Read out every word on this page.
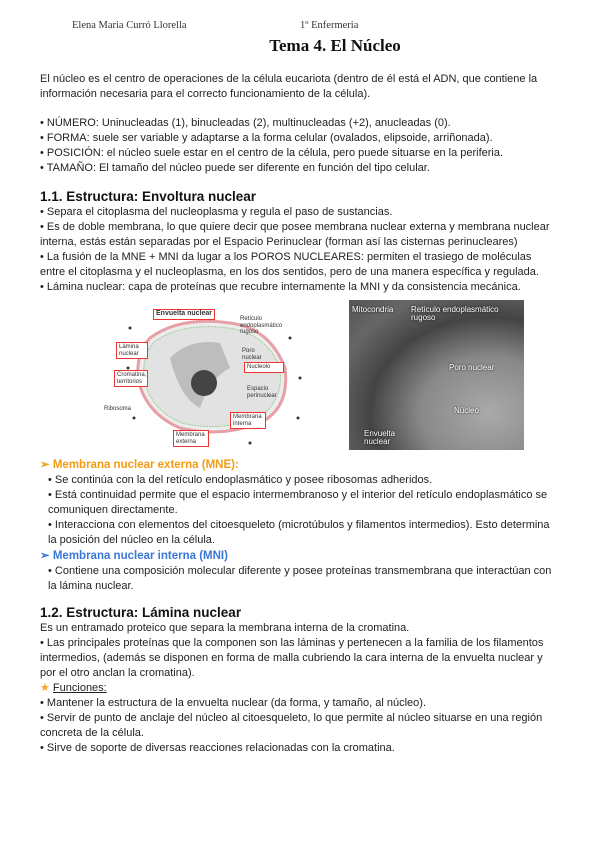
Elena Maria Curró Llorella	1º Enfermeria
Tema 4. El Núcleo

El núcleo es el centro de operaciones de la célula eucariota (dentro de él está el ADN, que contiene la información necesaria para el correcto funcionamiento de la célula).

• NÚMERO: Uninucleadas (1), binucleadas (2), multinucleadas (+2), anucleadas (0).

• FORMA: suele ser variable y adaptarse a la forma celular (ovalados, elipsoide, arriñonada).

• POSICIÓN: el núcleo suele estar en el centro de la célula, pero puede situarse en la periferia.

• TAMAÑO: El tamaño del núcleo puede ser diferente en función del tipo celular.

1.1. Estructura: Envoltura nuclear

• Separa el citoplasma del nucleoplasma y regula el paso de sustancias.

• Es de doble membrana, lo que quiere decir que posee membrana nuclear externa y membrana nuclear interna, estás están separadas por el Espacio Perinuclear (forman así las cisternas perinucleares)

• La fusión de la MNE + MNI da lugar a los POROS NUCLEARES: permiten el trasiego de moléculas entre el citoplasma y el nucleoplasma, en los dos sentidos, pero de una manera específica y regulada.

• Lámina nuclear: capa de proteínas que recubre internamente la MNI y da consistencia mecánica.

Envuelta nuclear
Retículo endoplasmático rugoso
Lámina nuclear	Poro nuclear
Cromatina, territorios
Nucleolo
Espacio perinuclear
Ribosoma
Membrana interna
Membrana externa
Mitocondria Retículo endoplasmático rugoso
Poro nuclear
Núcleo
Envuelta nuclear

➢ Membrana nuclear externa (MNE):

• Se continúa con la del retículo endoplasmático y posee ribosomas adheridos.

• Está continuidad permite que el espacio intermembranoso y el interior del retículo endoplasmático se comuniquen directamente.

• Interacciona con elementos del citoesqueleto (microtúbulos y filamentos intermedios). Esto determina la posición del núcleo en la célula.

➢ Membrana nuclear interna (MNI)

• Contiene una composición molecular diferente y posee proteínas transmembrana que interactúan con la lámina nuclear.

1.2. Estructura: Lámina nuclear

Es un entramado proteico que separa la membrana interna de la cromatina.

• Las principales proteínas que la componen son las láminas y pertenecen a la familia de los filamentos intermedios, (además se disponen en forma de malla cubriendo la cara interna de la envuelta nuclear y por el otro anclan la cromatina).

★ Funciones:

• Mantener la estructura de la envuelta nuclear (da forma, y tamaño, al núcleo).

• Servir de punto de anclaje del núcleo al citoesqueleto, lo que permite al núcleo situarse en una región concreta de la célula.

• Sirve de soporte de diversas reacciones relacionadas con la cromatina.
